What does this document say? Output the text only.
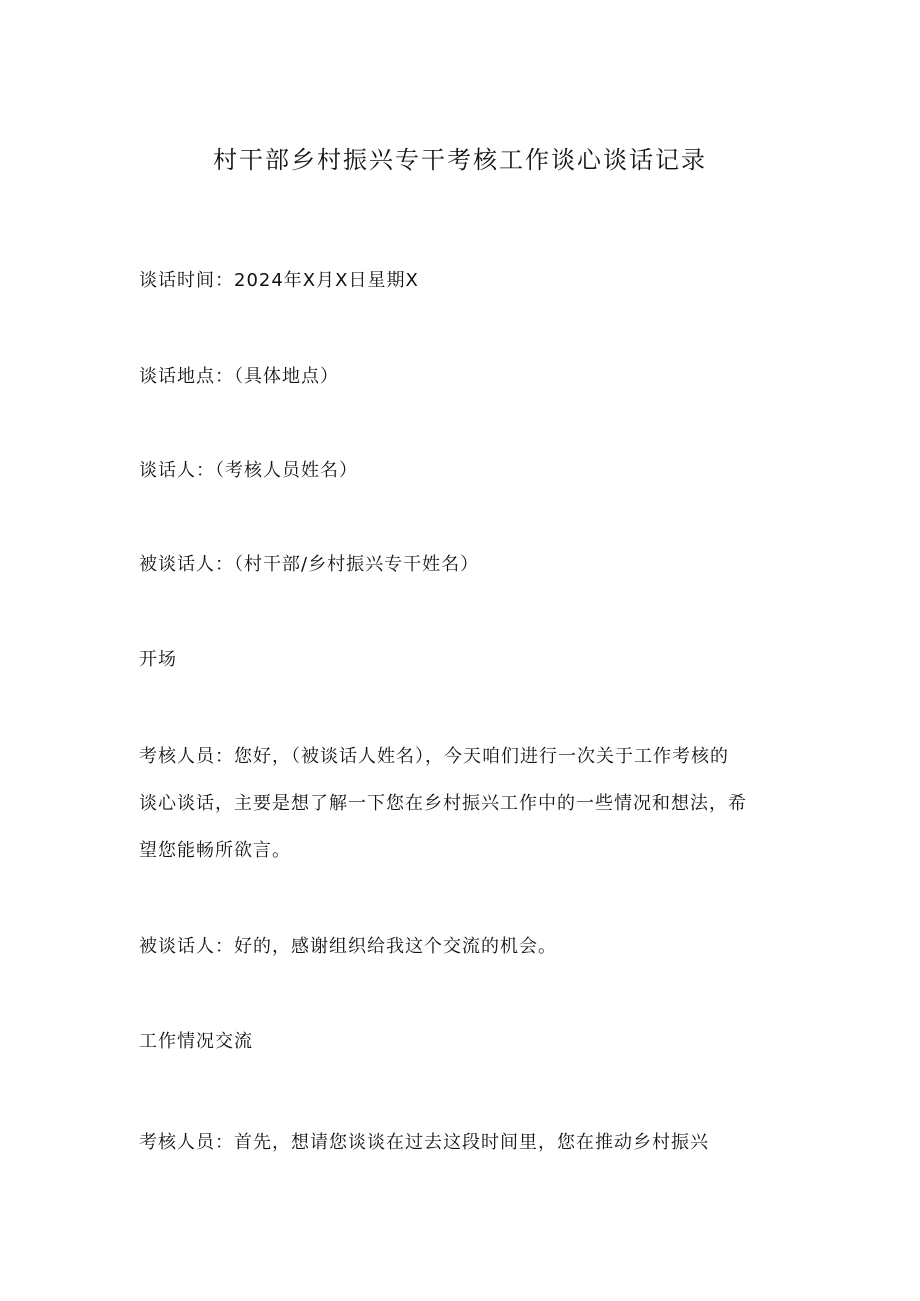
村干部乡村振兴专干考核工作谈心谈话记录
谈话时间：2024年X月X日星期X
谈话地点：（具体地点）
谈话人：（考核人员姓名）
被谈话人：（村干部/乡村振兴专干姓名）
开场
考核人员：您好，（被谈话人姓名），今天咱们进行一次关于工作考核的
谈心谈话，主要是想了解一下您在乡村振兴工作中的一些情况和想法，希
望您能畅所欲言。
被谈话人：好的，感谢组织给我这个交流的机会。
工作情况交流
考核人员：首先，想请您谈谈在过去这段时间里，您在推动乡村振兴
